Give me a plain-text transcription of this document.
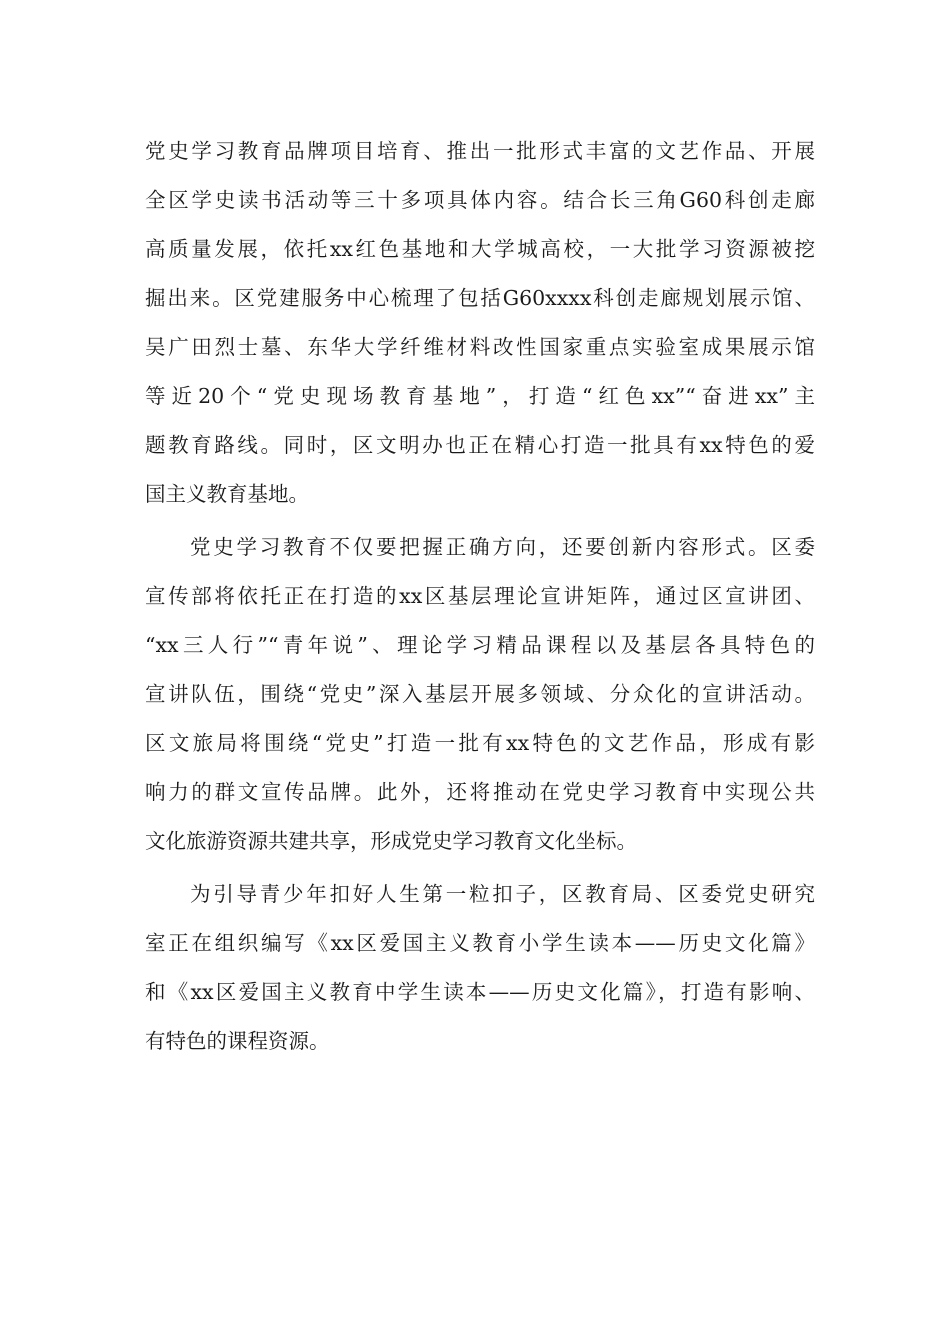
党史学习教育品牌项目培育、推出一批形式丰富的文艺作品、开展
全区学史读书活动等三十多项具体内容。结合长三角G60科创走廊
高质量发展，依托xx红色基地和大学城高校，一大批学习资源被挖
掘出来。区党建服务中心梳理了包括G60xxxx科创走廊规划展示馆、
吴广田烈士墓、东华大学纤维材料改性国家重点实验室成果展示馆
等近20个“党史现场教育基地”，打造“红色xx”“奋进xx”主
题教育路线。同时，区文明办也正在精心打造一批具有xx特色的爱
国主义教育基地。
党史学习教育不仅要把握正确方向，还要创新内容形式。区委
宣传部将依托正在打造的xx区基层理论宣讲矩阵，通过区宣讲团、
“xx三人行”“青年说”、理论学习精品课程以及基层各具特色的
宣讲队伍，围绕“党史”深入基层开展多领域、分众化的宣讲活动。
区文旅局将围绕“党史”打造一批有xx特色的文艺作品，形成有影
响力的群文宣传品牌。此外，还将推动在党史学习教育中实现公共
文化旅游资源共建共享，形成党史学习教育文化坐标。
为引导青少年扣好人生第一粒扣子，区教育局、区委党史研究
室正在组织编写《xx区爱国主义教育小学生读本——历史文化篇》
和《xx区爱国主义教育中学生读本——历史文化篇》，打造有影响、
有特色的课程资源。
